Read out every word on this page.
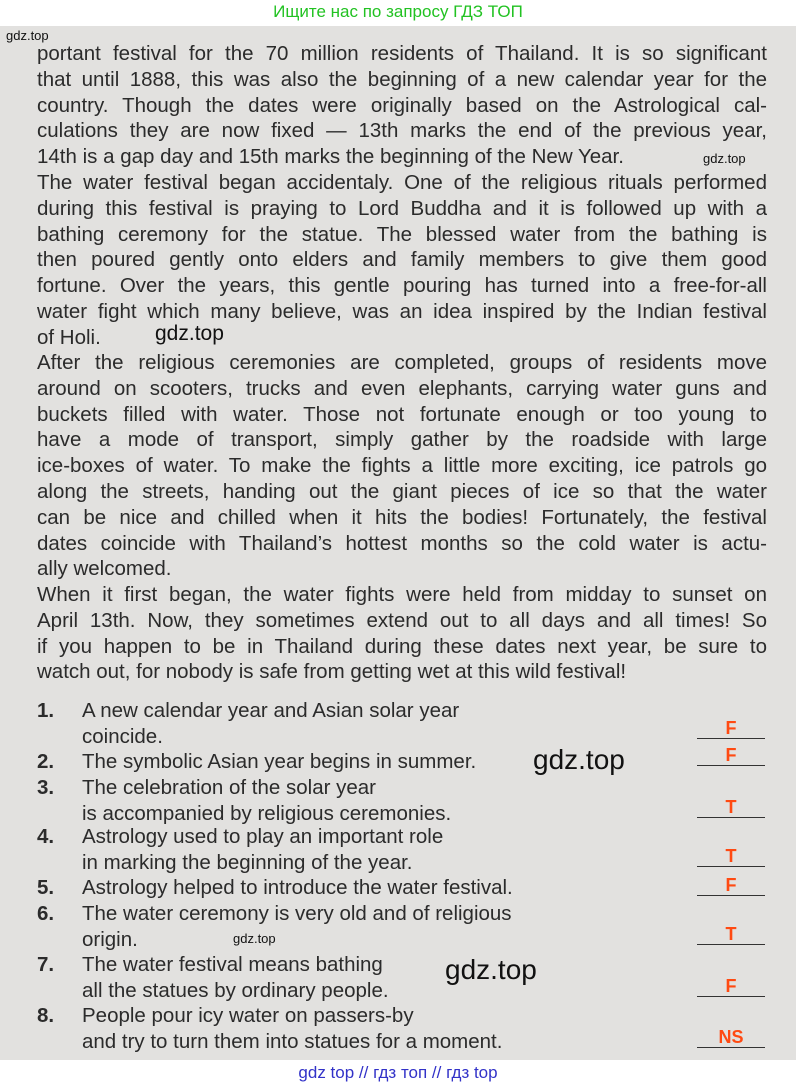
Ищите нас по запросу ГДЗ ТОП
gdz.top
portant festival for the 70 million residents of Thailand. It is so significant
that until 1888, this was also the beginning of a new calendar year for the
country. Though the dates were originally based on the Astrological cal-
culations they are now fixed — 13th marks the end of the previous year,
14th is a gap day and 15th marks the beginning of the New Year.	gdz.top
The water festival began accidentaly. One of the religious rituals performed
during this festival is praying to Lord Buddha and it is followed up with a
bathing ceremony for the statue. The blessed water from the bathing is
then poured gently onto elders and family members to give them good
fortune. Over the years, this gentle pouring has turned into a free-for-all
water fight which many believe, was an idea inspired by the Indian festival
of Holi.	gdz.top
After the religious ceremonies are completed, groups of residents move
around on scooters, trucks and even elephants, carrying water guns and
buckets filled with water. Those not fortunate enough or too young to
have a mode of transport, simply gather by the roadside with large
ice-boxes of water. To make the fights a little more exciting, ice patrols go
along the streets, handing out the giant pieces of ice so that the water
can be nice and chilled when it hits the bodies! Fortunately, the festival
dates coincide with Thailand’s hottest months so the cold water is actu-
ally welcomed.
When it first began, the water fights were held from midday to sunset on
April 13th. Now, they sometimes extend out to all days and all times! So
if you happen to be in Thailand during these dates next year, be sure to
watch out, for nobody is safe from getting wet at this wild festival!
1.	A new calendar year and Asian solar year
coincide.	F
2.	The symbolic Asian year begins in summer.	F
gdz.top
3.	The celebration of the solar year
is accompanied by religious ceremonies.	T
4.	Astrology used to play an important role
in marking the beginning of the year.	T
5.	Astrology helped to introduce the water festival.	F
6.	The water ceremony is very old and of religious
origin.	T
gdz.top
7.	The water festival means bathing
all the statues by ordinary people.	F
gdz.top
8.	People pour icy water on passers-by
and try to turn them into statues for a moment.	NS
gdz top // гдз топ // гдз top
